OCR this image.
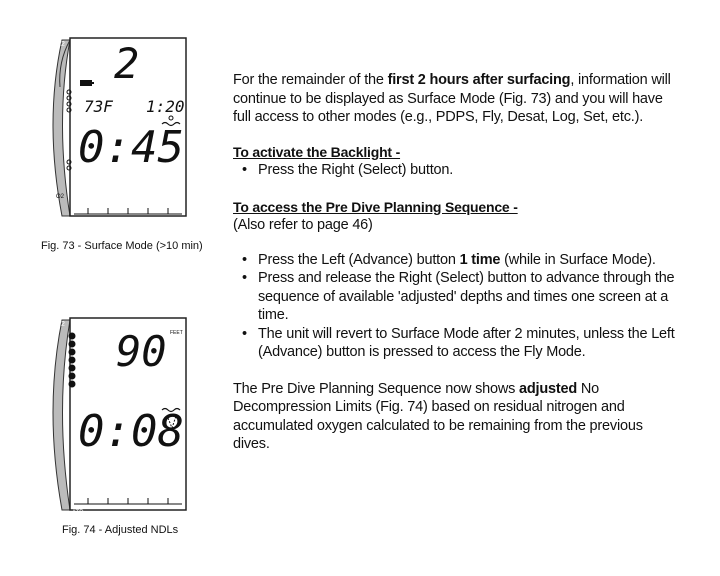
N2 2
73F 1:20
0:45
O2
ATR
Fig. 73 - Surface Mode (>10 min)
N2
90 FEET
0:08
ATR
Fig. 74 - Adjusted NDLs

For the remainder of the first 2 hours after surfacing, information will continue to be displayed as Surface Mode (Fig. 73) and you will have full access to other modes (e.g., PDPS, Fly, Desat, Log, Set, etc.).

To activate the Backlight -

• Press the Right (Select) button.

To access the Pre Dive Planning Sequence -

(Also refer to page 46)

• Press the Left (Advance) button 1 time (while in Surface Mode).

• Press and release the Right (Select) button to advance through the sequence of available 'adjusted' depths and times one screen at a time.

• The unit will revert to Surface Mode after 2 minutes, unless the Left (Advance) button is pressed to access the Fly Mode.

The Pre Dive Planning Sequence now shows adjusted No Decompression Limits (Fig. 74) based on residual nitrogen and accumulated oxygen calculated to be remaining from the previous dives.
